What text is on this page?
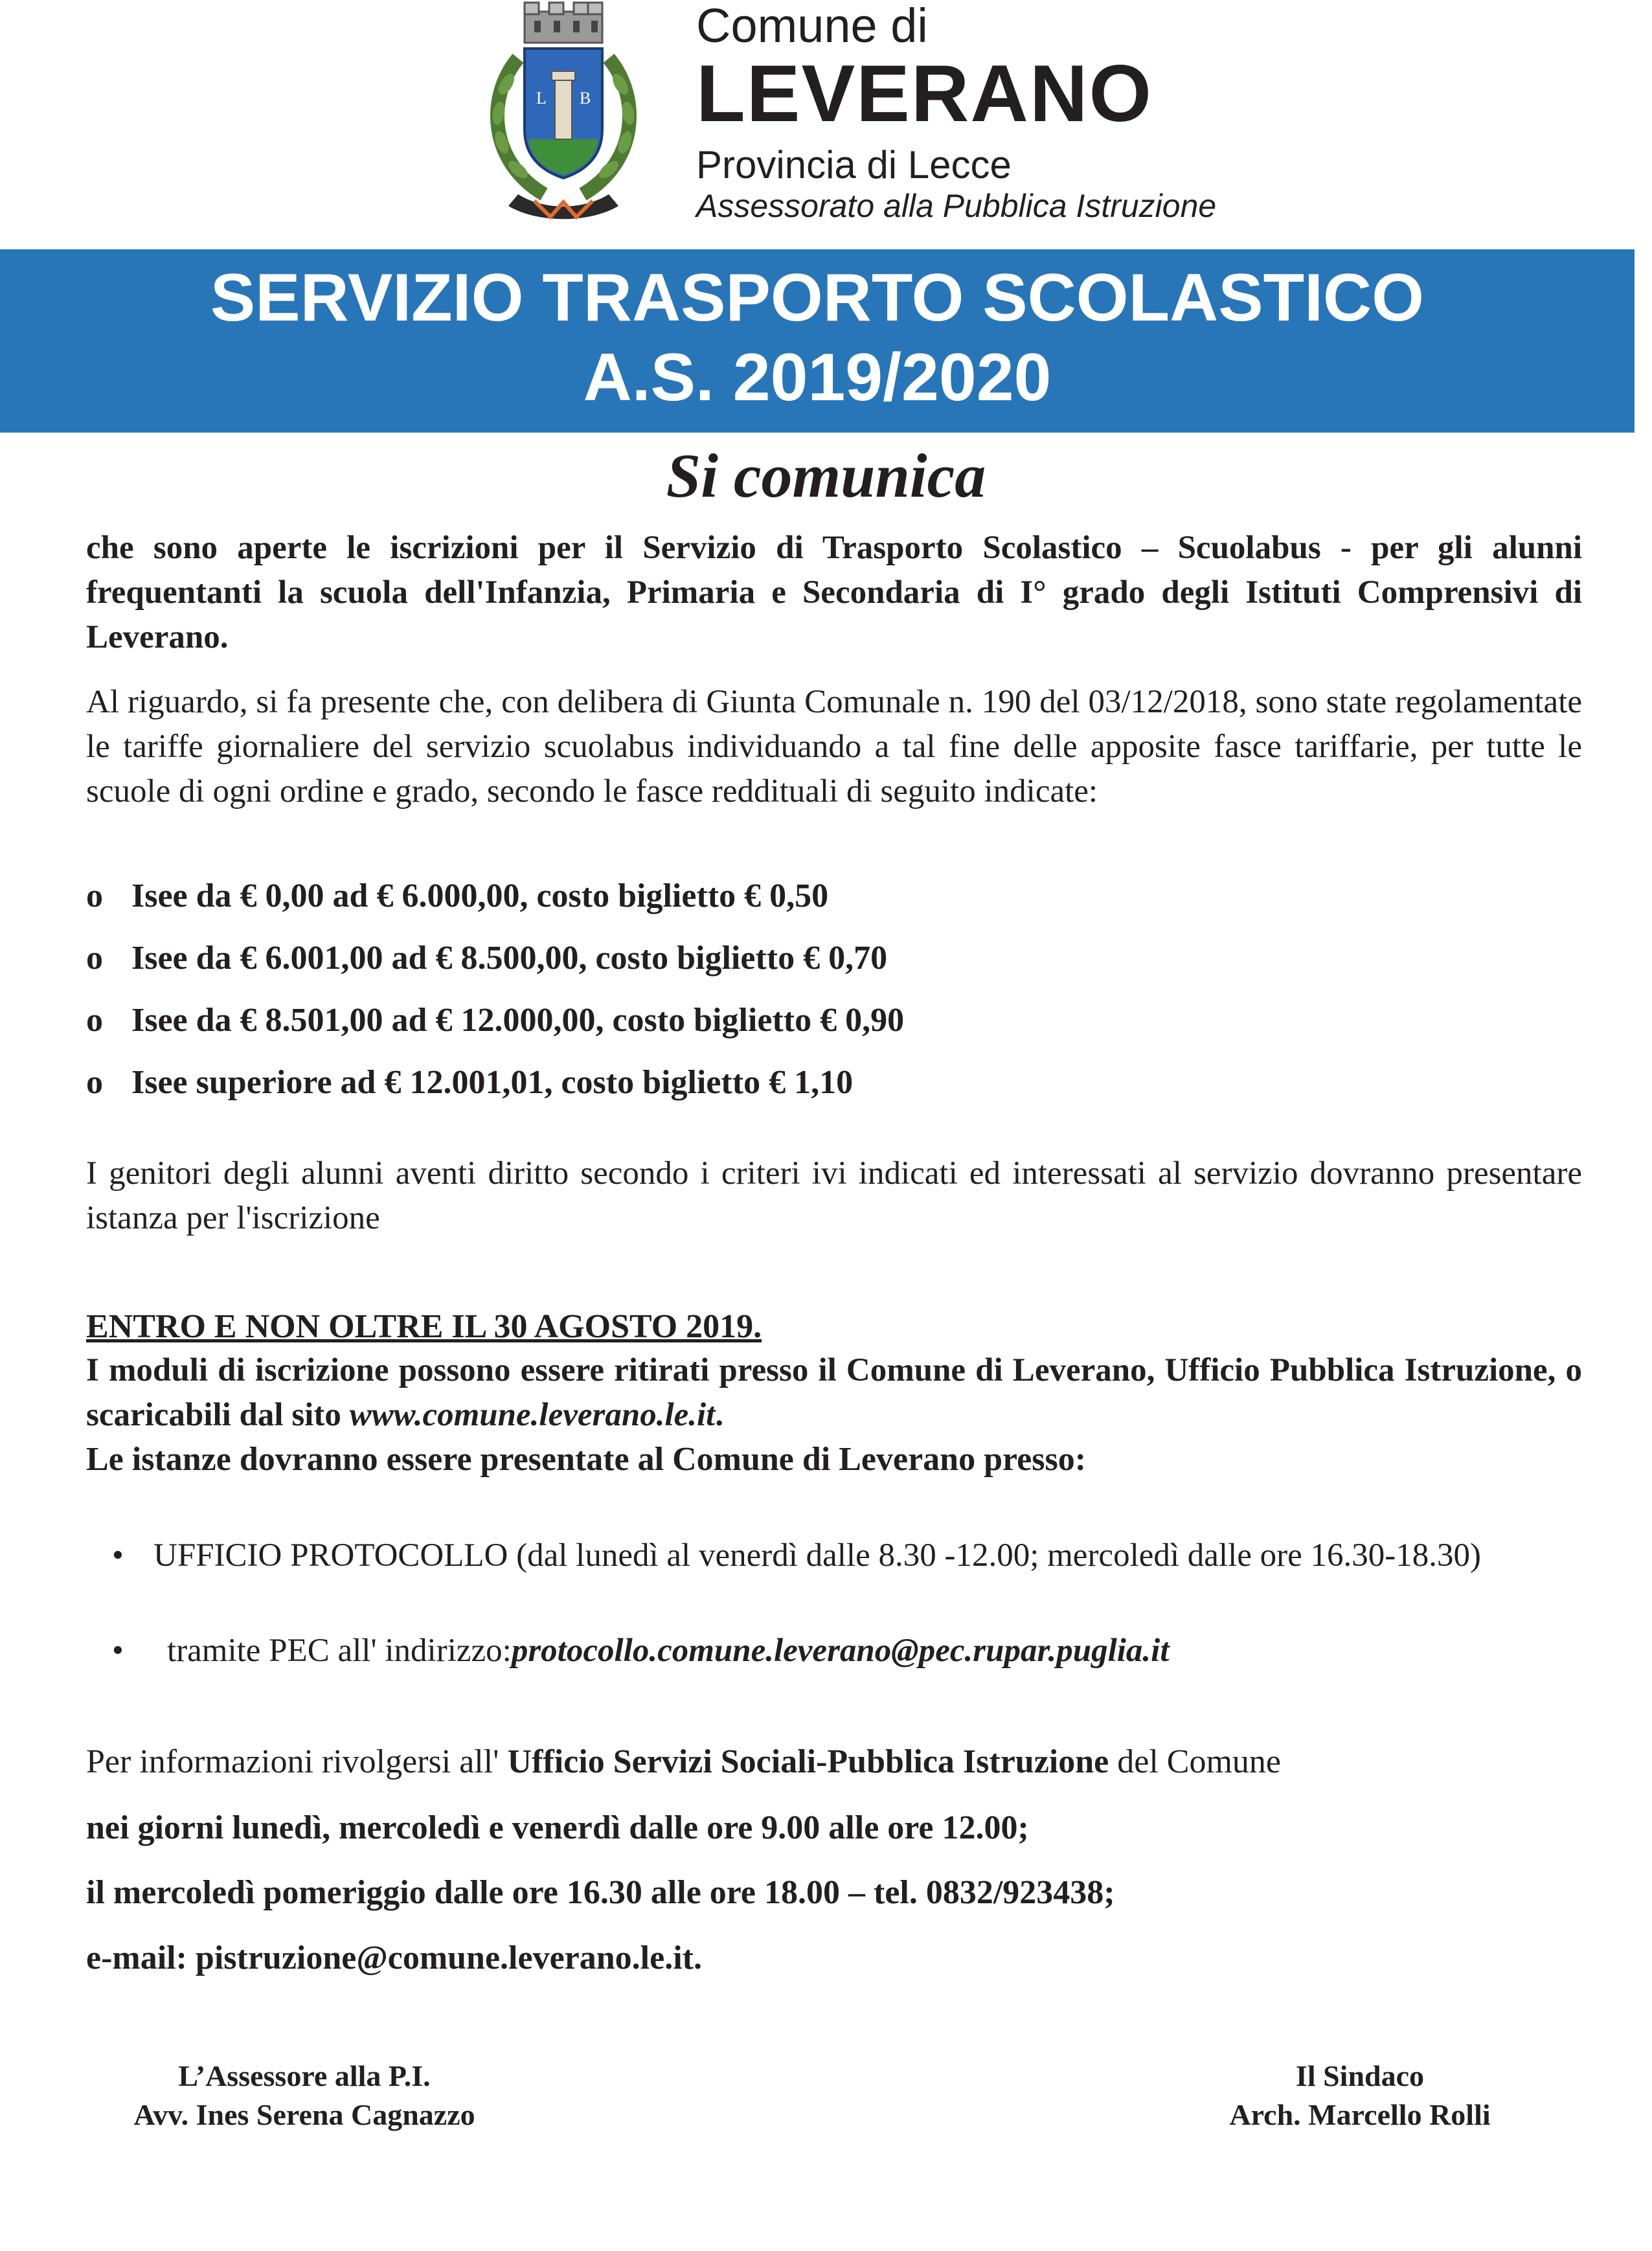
L B
Comune di
LEVERANO
Provincia di Lecce
Assessorato alla Pubblica Istruzione
SERVIZIO TRASPORTO SCOLASTICO
A.S. 2019/2020
Si comunica
che sono aperte le iscrizioni per il Servizio di Trasporto Scolastico – Scuolabus - per gli alunni frequentanti la scuola dell'Infanzia, Primaria e Secondaria di I° grado degli Istituti Comprensivi di Leverano.
Al riguardo, si fa presente che, con delibera di Giunta Comunale n. 190 del 03/12/2018, sono state regolamentate le tariffe giornaliere del servizio scuolabus individuando a tal fine delle apposite fasce tariffarie, per tutte le scuole di ogni ordine e grado, secondo le fasce reddituali di seguito indicate:
o Isee da € 0,00 ad € 6.000,00, costo biglietto € 0,50
o Isee da € 6.001,00 ad € 8.500,00, costo biglietto € 0,70
o Isee da € 8.501,00 ad € 12.000,00, costo biglietto € 0,90
o Isee superiore ad € 12.001,01, costo biglietto € 1,10
I genitori degli alunni aventi diritto secondo i criteri ivi indicati ed interessati al servizio dovranno presentare istanza per l'iscrizione
ENTRO E NON OLTRE IL 30 AGOSTO 2019.
I moduli di iscrizione possono essere ritirati presso il Comune di Leverano, Ufficio Pubblica Istruzione, o scaricabili dal sito www.comune.leverano.le.it.
Le istanze dovranno essere presentate al Comune di Leverano presso:
• UFFICIO PROTOCOLLO (dal lunedì al venerdì dalle 8.30 -12.00; mercoledì dalle ore 16.30-18.30)
•	tramite PEC all' indirizzo:protocollo.comune.leverano@pec.rupar.puglia.it
Per informazioni rivolgersi all' Ufficio Servizi Sociali-Pubblica Istruzione del Comune
nei giorni lunedì, mercoledì e venerdì dalle ore 9.00 alle ore 12.00;
il mercoledì pomeriggio dalle ore 16.30 alle ore 18.00 – tel. 0832/923438;
e-mail: pistruzione@comune.leverano.le.it.
L’Assessore alla P.I.
Avv. Ines Serena Cagnazzo
Il Sindaco
Arch. Marcello Rolli
